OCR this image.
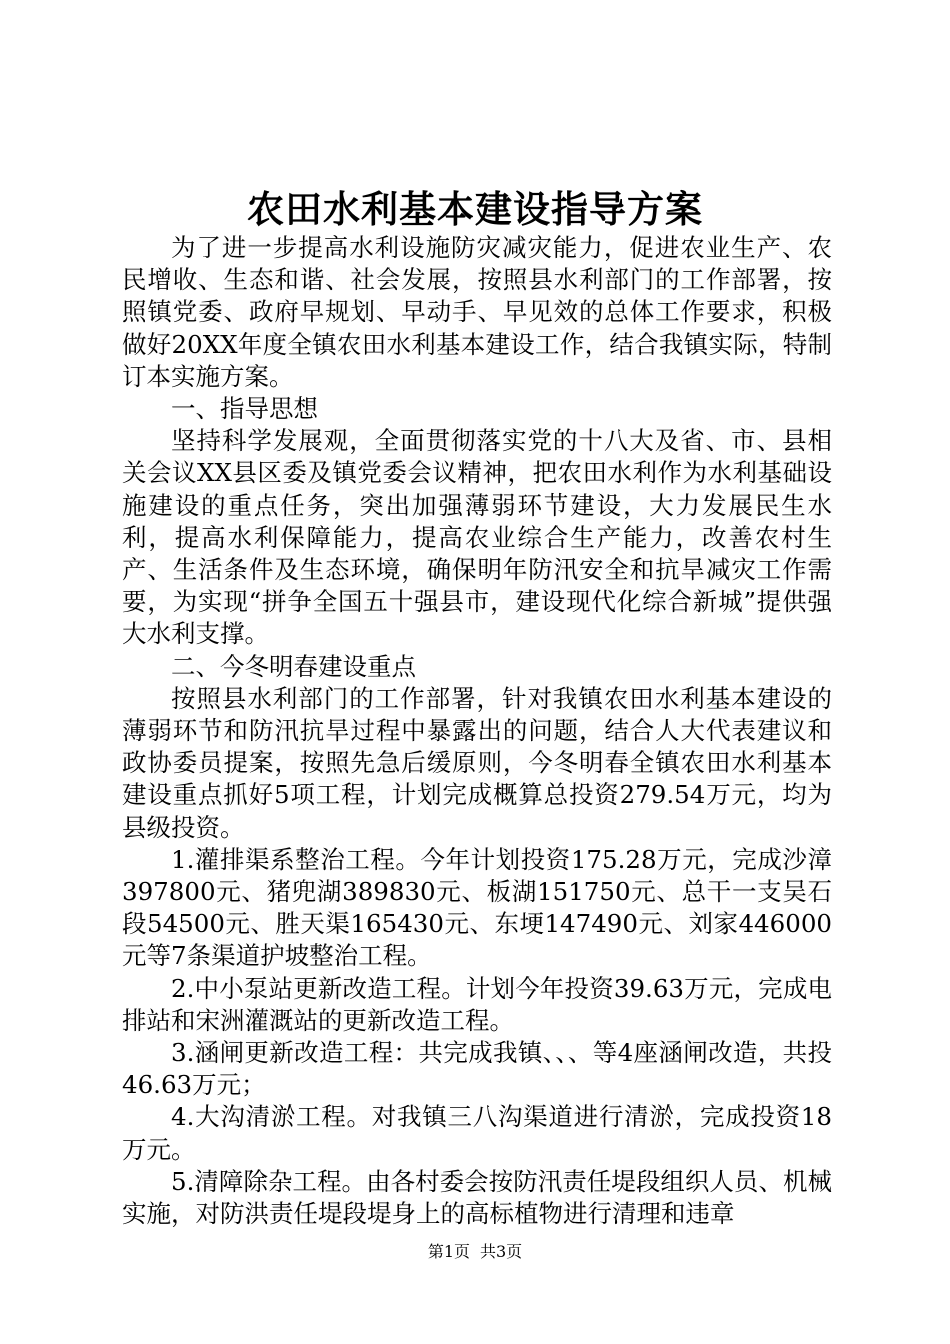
农田水利基本建设指导方案

为了进一步提高水利设施防灾减灾能力，促进农业生产、农民增收、生态和谐、社会发展，按照县水利部门的工作部署，按照镇党委、政府早规划、早动手、早见效的总体工作要求，积极做好20XX年度全镇农田水利基本建设工作，结合我镇实际，特制订本实施方案。

一、指导思想

坚持科学发展观，全面贯彻落实党的十八大及省、市、县相关会议XX县区委及镇党委会议精神，把农田水利作为水利基础设施建设的重点任务，突出加强薄弱环节建设，大力发展民生水利，提高水利保障能力，提高农业综合生产能力，改善农村生产、生活条件及生态环境，确保明年防汛安全和抗旱减灾工作需要，为实现“拼争全国五十强县市，建设现代化综合新城”提供强大水利支撑。

二、今冬明春建设重点

按照县水利部门的工作部署，针对我镇农田水利基本建设的薄弱环节和防汛抗旱过程中暴露出的问题，结合人大代表建议和政协委员提案，按照先急后缓原则，今冬明春全镇农田水利基本建设重点抓好5项工程，计划完成概算总投资279.54万元，均为县级投资。

1.灌排渠系整治工程。今年计划投资175.28万元，完成沙漳397800元、猪兜湖389830元、板湖151750元、总干一支吴石段54500元、胜天渠165430元、东埂147490元、刘家446000元等7条渠道护坡整治工程。

2.中小泵站更新改造工程。计划今年投资39.63万元，完成电排站和宋洲灌溉站的更新改造工程。

3.涵闸更新改造工程：共完成我镇、、、等4座涵闸改造，共投46.63万元；

4.大沟清淤工程。对我镇三八沟渠道进行清淤，完成投资18万元。

5.清障除杂工程。由各村委会按防汛责任堤段组织人员、机械实施，对防洪责任堤段堤身上的高标植物进行清理和违章

第1页 共3页
